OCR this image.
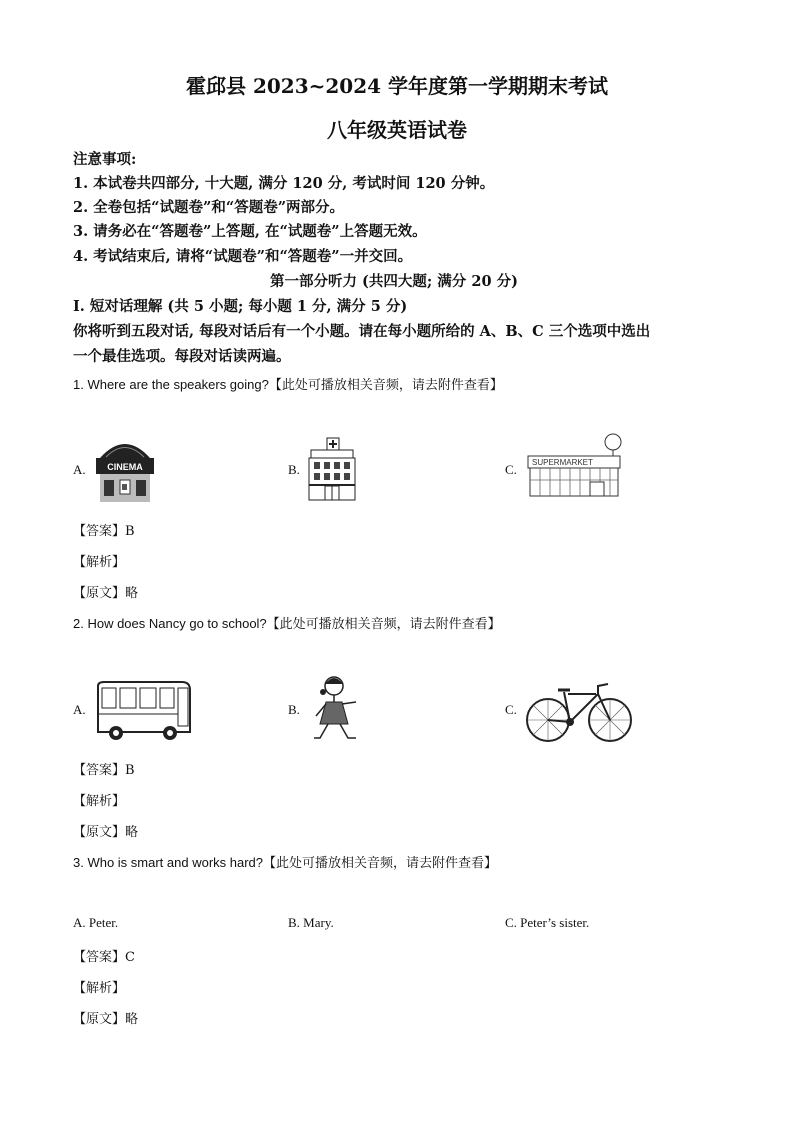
霍邱县 2023~2024 学年度第一学期期末考试
八年级英语试卷
注意事项:
1. 本试卷共四部分, 十大题, 满分 120 分, 考试时间 120 分钟。
2. 全卷包括“试题卷”和“答题卷”两部分。
3. 请务必在“答题卷”上答题, 在“试题卷”上答题无效。
4. 考试结束后, 请将“试题卷”和“答题卷”一并交回。
第一部分听力 (共四大题; 满分 20 分)
I. 短对话理解 (共 5 小题; 每小题 1 分, 满分 5 分)
你将听到五段对话, 每段对话后有一个小题。请在每小题所给的 A、B、C 三个选项中选出
一个最佳选项。每段对话读两遍。
1. Where are the speakers going?【此处可播放相关音频，请去附件查看】
A. CINEMA	B.	C. SUPERMARKET
【答案】B
【解析】
【原文】略
2. How does Nancy go to school?【此处可播放相关音频，请去附件查看】
A.	B.	C.
【答案】B
【解析】
【原文】略
3. Who is smart and works hard?【此处可播放相关音频，请去附件查看】
A. Peter.	B. Mary.	C. Peter’s sister.
【答案】C
【解析】
【原文】略
